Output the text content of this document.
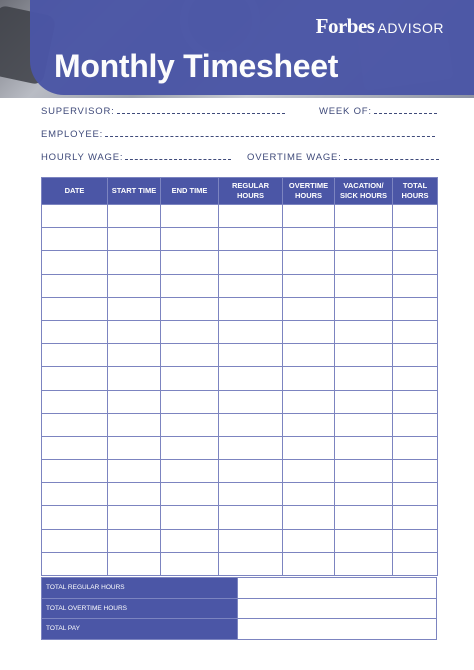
Forbes ADVISOR
Monthly Timesheet
SUPERVISOR:	WEEK OF:
EMPLOYEE:
HOURLY WAGE:	OVERTIME WAGE:
DATE	START TIME	END TIME	REGULAR HOURS	OVERTIME HOURS	VACATION/ SICK HOURS	TOTAL HOURS

TOTAL REGULAR HOURS	
TOTAL OVERTIME HOURS	
TOTAL PAY	
